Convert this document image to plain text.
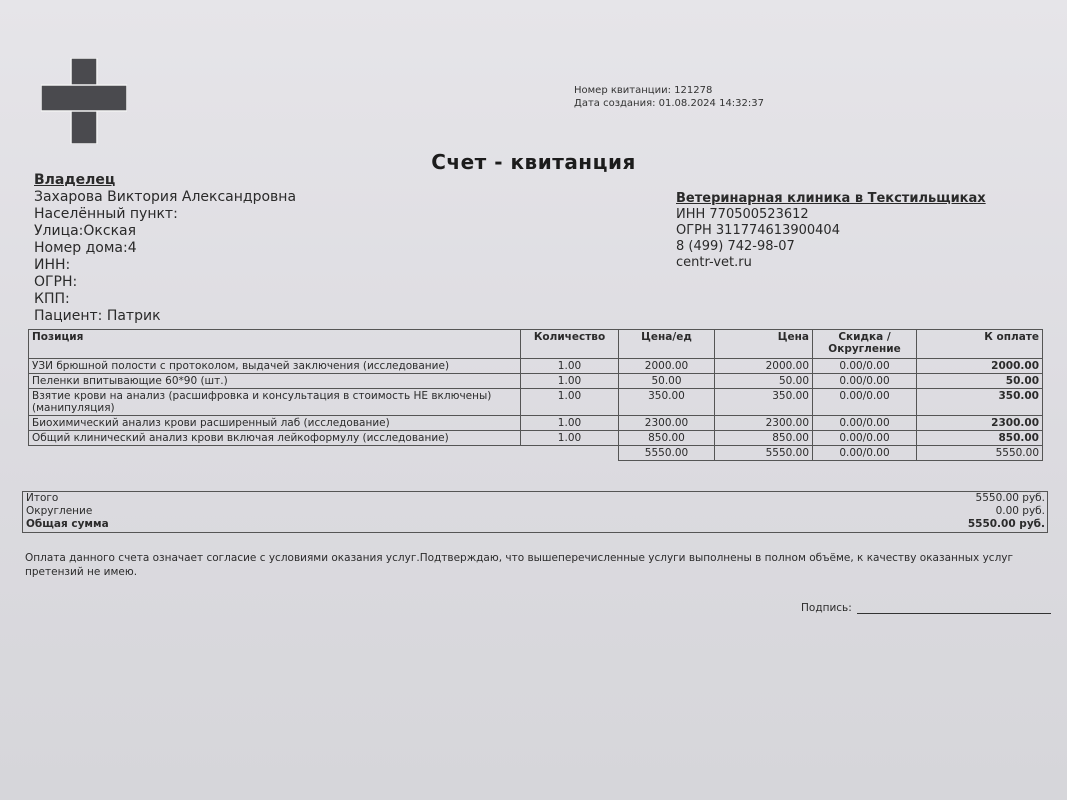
Номер квитанции: 121278
Дата создания: 01.08.2024 14:32:37
Счет - квитанция
Владелец
Захарова Виктория Александровна
Населённый пункт:
Улица:Окская
Номер дома:4
ИНН:
ОГРН:
КПП:
Пациент: Патрик
Ветеринарная клиника в Текстильщиках
ИНН 770500523612
ОГРН 311774613900404
8 (499) 742-98-07
centr-vet.ru
Позиция	Количество	Цена/ед	Цена	Скидка / Округление	К оплате
УЗИ брюшной полости с протоколом, выдачей заключения (исследование)	1.00	2000.00	2000.00	0.00/0.00	2000.00
Пеленки впитывающие 60*90 (шт.)	1.00	50.00	50.00	0.00/0.00	50.00
Взятие крови на анализ (расшифровка и консультация в стоимость НЕ включены) (манипуляция)	1.00	350.00	350.00	0.00/0.00	350.00
Биохимический анализ крови расширенный лаб (исследование)	1.00	2300.00	2300.00	0.00/0.00	2300.00
Общий клинический анализ крови включая лейкоформулу (исследование)	1.00	850.00	850.00	0.00/0.00	850.00
		5550.00	5550.00	0.00/0.00	5550.00
Итого	5550.00 руб.
Округление	0.00 руб.
Общая сумма	5550.00 руб.
Оплата данного счета означает согласие с условиями оказания услуг.Подтверждаю, что вышеперечисленные услуги выполнены в полном объёме, к качеству оказанных услуг претензий не имею.
Подпись:
